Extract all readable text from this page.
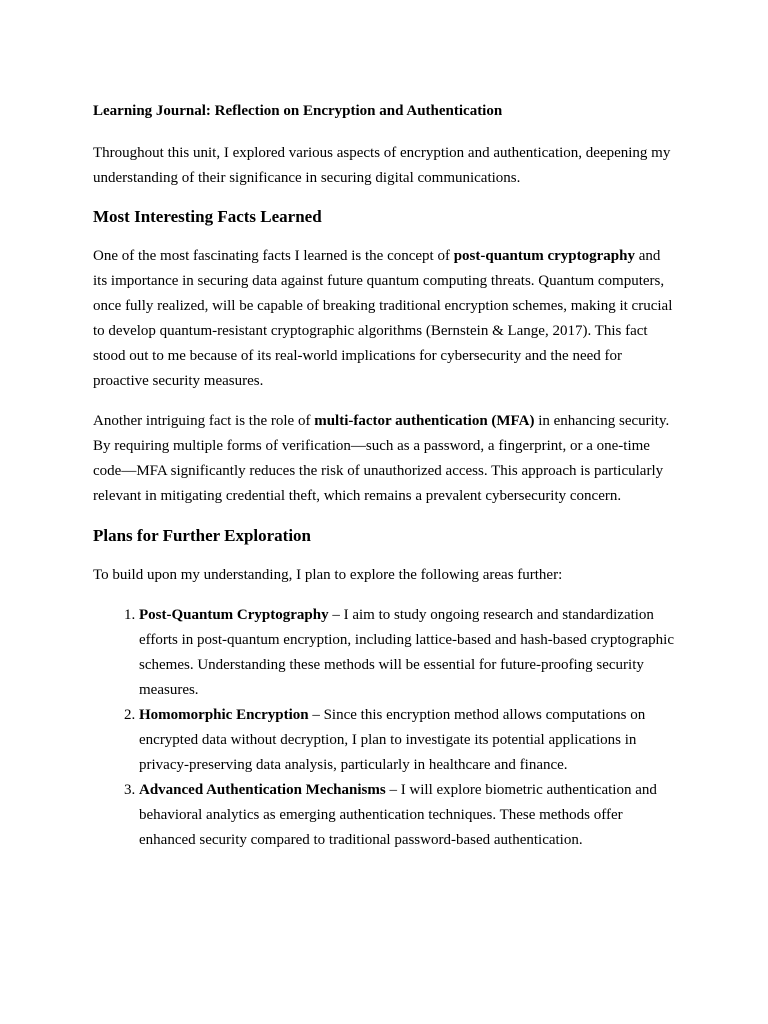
Learning Journal: Reflection on Encryption and Authentication

Throughout this unit, I explored various aspects of encryption and authentication, deepening my understanding of their significance in securing digital communications.

Most Interesting Facts Learned

One of the most fascinating facts I learned is the concept of post-quantum cryptography and its importance in securing data against future quantum computing threats. Quantum computers, once fully realized, will be capable of breaking traditional encryption schemes, making it crucial to develop quantum-resistant cryptographic algorithms (Bernstein & Lange, 2017). This fact stood out to me because of its real-world implications for cybersecurity and the need for proactive security measures.

Another intriguing fact is the role of multi-factor authentication (MFA) in enhancing security. By requiring multiple forms of verification—such as a password, a fingerprint, or a one-time code—MFA significantly reduces the risk of unauthorized access. This approach is particularly relevant in mitigating credential theft, which remains a prevalent cybersecurity concern.

Plans for Further Exploration

To build upon my understanding, I plan to explore the following areas further:

1. Post-Quantum Cryptography – I aim to study ongoing research and standardization efforts in post-quantum encryption, including lattice-based and hash-based cryptographic schemes. Understanding these methods will be essential for future-proofing security measures.
2. Homomorphic Encryption – Since this encryption method allows computations on encrypted data without decryption, I plan to investigate its potential applications in privacy-preserving data analysis, particularly in healthcare and finance.
3. Advanced Authentication Mechanisms – I will explore biometric authentication and behavioral analytics as emerging authentication techniques. These methods offer enhanced security compared to traditional password-based authentication.
